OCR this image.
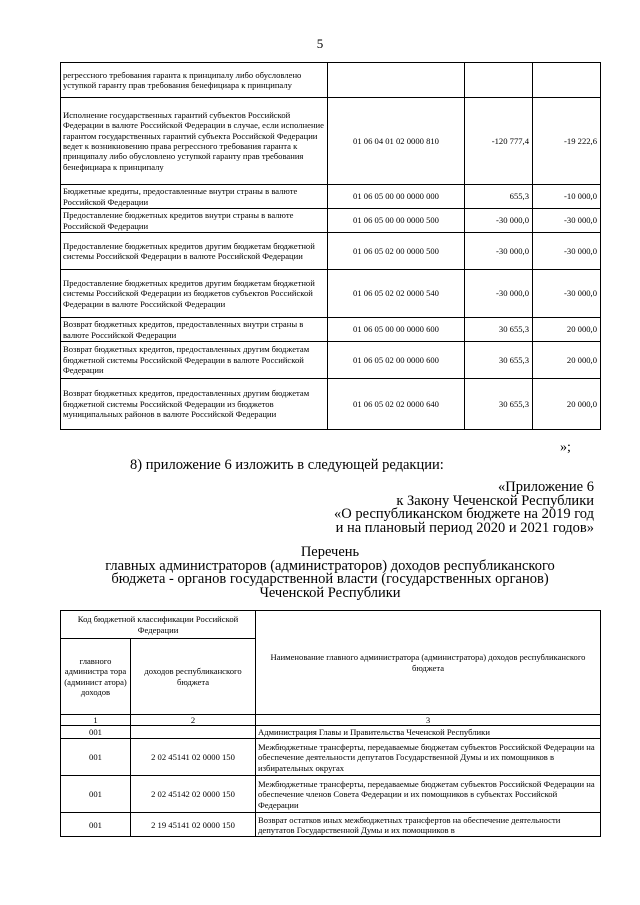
5
регрессного требования гаранта к принципалу либо обусловлено уступкой гаранту прав требования бенефициара к принципалу			
Исполнение государственных гарантий субъектов Российской Федерации в валюте Российской Федерации в случае, если исполнение гарантом государственных гарантий субъекта Российской Федерации ведет к возникновению права регрессного требования гаранта к принципалу либо обусловлено уступкой гаранту прав требования бенефициара к принципалу	01 06 04 01 02 0000 810	-120 777,4	-19 222,6
Бюджетные кредиты, предоставленные внутри страны в валюте Российской Федерации	01 06 05 00 00 0000 000	655,3	-10 000,0
Предоставление бюджетных кредитов внутри страны в валюте Российской Федерации	01 06 05 00 00 0000 500	-30 000,0	-30 000,0
Предоставление бюджетных кредитов другим бюджетам бюджетной системы Российской Федерации в валюте Российской Федерации	01 06 05 02 00 0000 500	-30 000,0	-30 000,0
Предоставление бюджетных кредитов другим бюджетам бюджетной системы Российской Федерации из бюджетов субъектов Российской Федерации в валюте Российской Федерации	01 06 05 02 02 0000 540	-30 000,0	-30 000,0
Возврат бюджетных кредитов, предоставленных внутри страны в валюте Российской Федерации	01 06 05 00 00 0000 600	30 655,3	20 000,0
Возврат бюджетных кредитов, предоставленных другим бюджетам бюджетной системы Российской Федерации в валюте Российской Федерации	01 06 05 02 00 0000 600	30 655,3	20 000,0
Возврат бюджетных кредитов, предоставленных другим бюджетам бюджетной системы Российской Федерации из бюджетов муниципальных районов в валюте Российской Федерации	01 06 05 02 02 0000 640	30 655,3	20 000,0
»;
8) приложение 6 изложить в следующей редакции:
«Приложение 6
к Закону Чеченской Республики
«О республиканском бюджете на 2019 год
и на плановый период 2020 и 2021 годов»
Перечень
главных администраторов (администраторов) доходов республиканского
бюджета - органов государственной власти (государственных органов)
Чеченской Республики
Код бюджетной классификации Российской Федерации		Наименование главного администратора (администратора) доходов республиканского бюджета
главного администра тора (админист атора) доходов	доходов республиканского бюджета	
1	2	3
001		Администрация Главы и Правительства Чеченской Республики
001	2 02 45141 02 0000 150	Межбюджетные трансферты, передаваемые бюджетам субъектов Российской Федерации на обеспечение деятельности депутатов Государственной Думы и их помощников в избирательных округах
001	2 02 45142 02 0000 150	Межбюджетные трансферты, передаваемые бюджетам субъектов Российской Федерации на обеспечение членов Совета Федерации и их помощников в субъектах Российской Федерации
001	2 19 45141 02 0000 150	Возврат остатков иных межбюджетных трансфертов на обеспечение деятельности депутатов Государственной Думы и их помощников в
